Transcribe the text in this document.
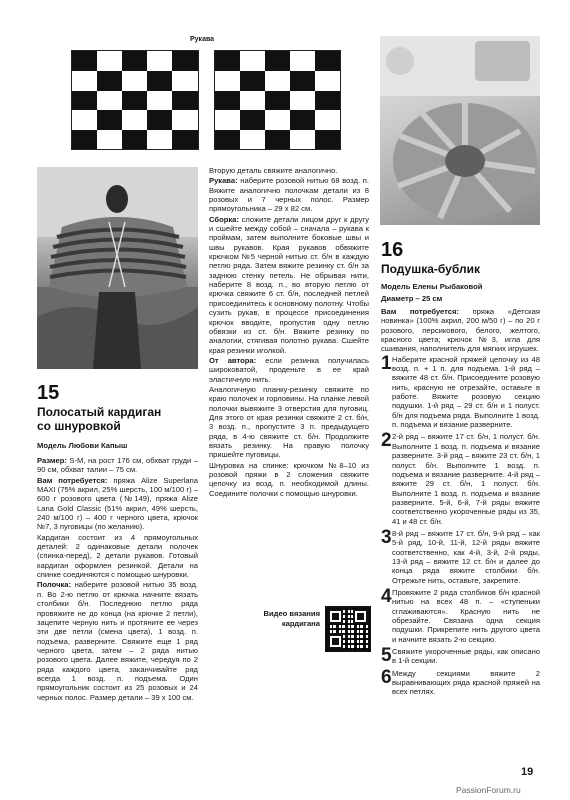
Рукава
15
Полосатый кардиган
со шнуровкой
Модель Любови Капыш

Размер: S-M, на рост 176 см, обхват груди – 90 см, обхват талии – 75 см.

Вам потребуется: пряжа Alize Superlana MAXI (75% акрил, 25% шерсть, 100 м/100 г) – 600 г розового цвета (№149), пряжа Alize Lana Gold Classic (51% акрил, 49% шерсть, 240 м/100 г) – 400 г черного цвета, крючок №7, 3 пуговицы (по желанию).

Кардиган состоит из 4 прямоугольных деталей: 2 одинаковые детали полочек (спинка-перед), 2 детали рукавов. Готовый кардиган оформлен резинкой. Детали на спинке соединяются с помощью шнуровки.

Полочка: наберите розовой нитью 35 возд. п. Во 2-ю петлю от крючка начните вязать столбики б/н. Последнюю петлю ряда провяжите не до конца (на крючке 2 петли), зацепите черную нить и протяните ее через эти две петли (смена цвета), 1 возд. п. подъема, разверните. Свяжите еще 1 ряд черного цвета, затем – 2 ряда нитью розового цвета. Далее вяжите, чередуя по 2 ряда каждого цвета, заканчивайте ряд всегда 1 возд. п. подъема. Один прямоугольник состоит из 25 розовых и 24 черных полос. Размер детали – 39 х 100 см.

Вторую деталь свяжите аналогично.

Рукава: наберите розовой нитью 68 возд. п. Вяжите аналогично полочкам детали из 8 розовых и 7 черных полос. Размер прямоугольника – 29 х 82 см.

Сборка: сложите детали лицом друг к другу и сшейте между собой – сначала – рукава к проймам, затем выполните боковые швы и швы рукавов. Края рукавов обвяжите крючком №5 черной нитью ст. б/н в каждую петлю ряда. Затем вяжите резинку ст. б/н за заднюю стенку петель. Не обрывая нити, наберите 8 возд. п., во вторую петлю от крючка свяжите 6 ст. б/н, последней петлей присоединитесь к основному полотну. Чтобы сузить рукав, в процессе присоединения крючок вводите, пропустив одну петлю обвязки из ст. б/н. Вяжите резинку по аналогии, стягивая полотно рукава. Сшейте края резинки иголкой.

От автора: если резинка получилась широковатой, проденьте в ее край эластичную нить.

Аналогичную планку-резинку свяжите по краю полочек и горловины. На планке левой полочки вывяжите 3 отверстия для пуговиц. Для этого от края резинки свяжите 2 ст. б/н, 3 возд. п., пропустите 3 п. предыдущего ряда, в 4-ю свяжите ст. б/н. Продолжите вязать резинку. На правую полочку пришейте пуговицы.

Шнуровка на спинке: крючком №8–10 из розовой пряжи в 2 сложения свяжите цепочку из возд. п. необходимой длины. Соедините полочки с помощью шнуровки.

Видео вязания
кардигана
16
Подушка-бублик
Модель Елены Рыбаковой
Диаметр – 25 см

Вам потребуется: пряжа «Детская новинка» (100% акрил, 200 м/50 г) – по 20 г розового, персикового, белого, желтого, красного цвета; крючок №3, игла для сшивания, наполнитель для мягких игрушек.

1 Наберите красной пряжей цепочку из 48 возд. п. + 1 п. для подъема. 1-й ряд – вяжите 48 ст. б/н. Присоедините розовую нить, красную не отрезайте, оставьте в работе. Вяжите розовую секцию подушки. 1-й ряд – 29 ст. б/н и 1 полуст. б/н для подъема ряда. Выполните 1 возд. п. подъема и вязание разверните.
2 2-й ряд – вяжите 17 ст. б/н, 1 полуст. б/н. Выполните 1 возд. п. подъема и вязание разверните. 3-й ряд – вяжите 23 ст. б/н, 1 полуст. б/н. Выполните 1 возд. п. подъема и вязание разверните. 4-й ряд – вяжите 29 ст. б/н, 1 полуст. б/н. Выполните 1 возд. п. подъема и вязание разверните. 5-й, 6-й, 7-й ряды вяжите соответственно укороченные ряды из 35, 41 и 48 ст. б/н.
3 8-й ряд – вяжите 17 ст. б/н, 9-й ряд – как 5-й ряд, 10-й, 11-й, 12-й ряды вяжите соответственно, как 4-й, 3-й, 2-й ряды, 13-й ряд – вяжите 12 ст. б/н и далее до конца ряда вяжите столбики б/н. Отрежьте нить, оставьте, закрепите.
4 Провяжите 2 ряда столбиков б/н красной нитью на всех 48 п. – «ступеньки сглаживаются». Красную нить не обрезайте. Связана одна секция подушки. Прикрепите нить другого цвета и начните вязать 2-ю секцию.
5 Свяжите укороченные ряды, как описано в 1-й секции.
6 Между секциями вяжите 2 выравнивающих ряда красной пряжей на всех петлях.
19
PassionForum.ru
